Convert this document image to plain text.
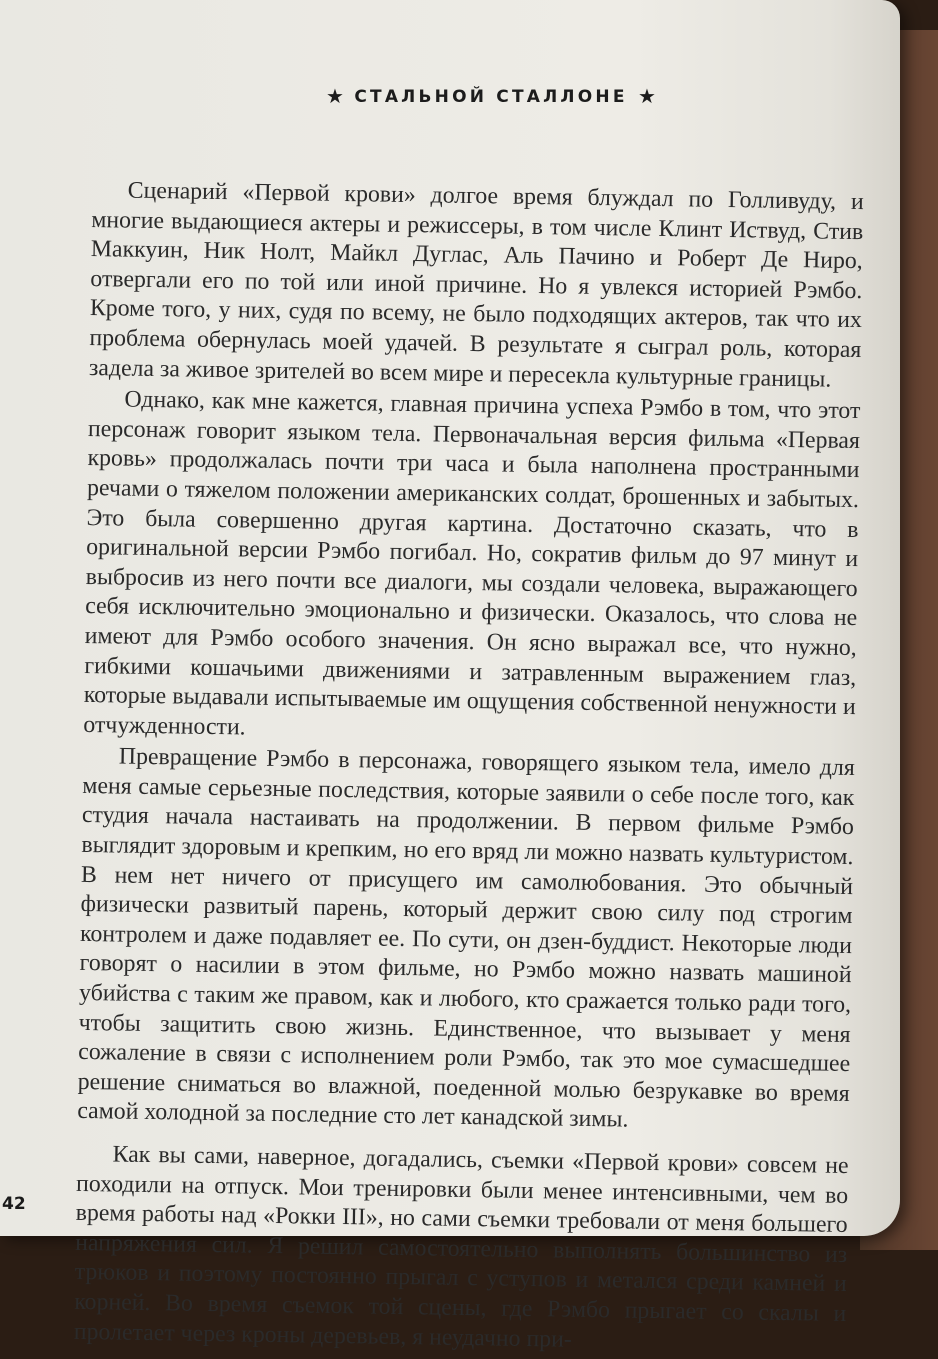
★ СТАЛЬНОЙ СТАЛЛОНЕ ★

Сценарий «Первой крови» долгое время блуждал по Голливуду, и многие выдающиеся актеры и режиссеры, в том числе Клинт Иствуд, Стив Маккуин, Ник Нолт, Майкл Дуглас, Аль Пачино и Роберт Де Ниро, отвергали его по той или иной причине. Но я увлекся историей Рэмбо. Кроме того, у них, судя по всему, не было подходящих актеров, так что их проблема обернулась моей удачей. В результате я сыграл роль, которая задела за живое зрителей во всем мире и пересекла культурные границы.

Однако, как мне кажется, главная причина успеха Рэмбо в том, что этот персонаж говорит языком тела. Первоначальная версия фильма «Первая кровь» продолжалась почти три часа и была наполнена пространными речами о тяжелом положении американских солдат, брошенных и забытых. Это была совершенно другая картина. Достаточно сказать, что в оригинальной версии Рэмбо погибал. Но, сократив фильм до 97 минут и выбросив из него почти все диалоги, мы создали человека, выражающего себя исключительно эмоционально и физически. Оказалось, что слова не имеют для Рэмбо особого значения. Он ясно выражал все, что нужно, гибкими кошачьими движениями и затравленным выражением глаз, которые выдавали испытываемые им ощущения собственной ненужности и отчужденности.

Превращение Рэмбо в персонажа, говорящего языком тела, имело для меня самые серьезные последствия, которые заявили о себе после того, как студия начала настаивать на продолжении. В первом фильме Рэмбо выглядит здоровым и крепким, но его вряд ли можно назвать культуристом. В нем нет ничего от присущего им самолюбования. Это обычный физически развитый парень, который держит свою силу под строгим контролем и даже подавляет ее. По сути, он дзен-буддист. Некоторые люди говорят о насилии в этом фильме, но Рэмбо можно назвать машиной убийства с таким же правом, как и любого, кто сражается только ради того, чтобы защитить свою жизнь. Единственное, что вызывает у меня сожаление в связи с исполнением роли Рэмбо, так это мое сумасшедшее решение сниматься во влажной, поеденной молью безрукавке во время самой холодной за последние сто лет канадской зимы.

Как вы сами, наверное, догадались, съемки «Первой крови» совсем не походили на отпуск. Мои тренировки были менее интенсивными, чем во время работы над «Рокки III», но сами съемки требовали от меня большего напряжения сил. Я решил самостоятельно выполнять большинство из трюков и поэтому постоянно прыгал с уступов и метался среди камней и корней. Во время съемок той сцены, где Рэмбо прыгает со скалы и пролетает через кроны деревьев, я неудачно при-

42
